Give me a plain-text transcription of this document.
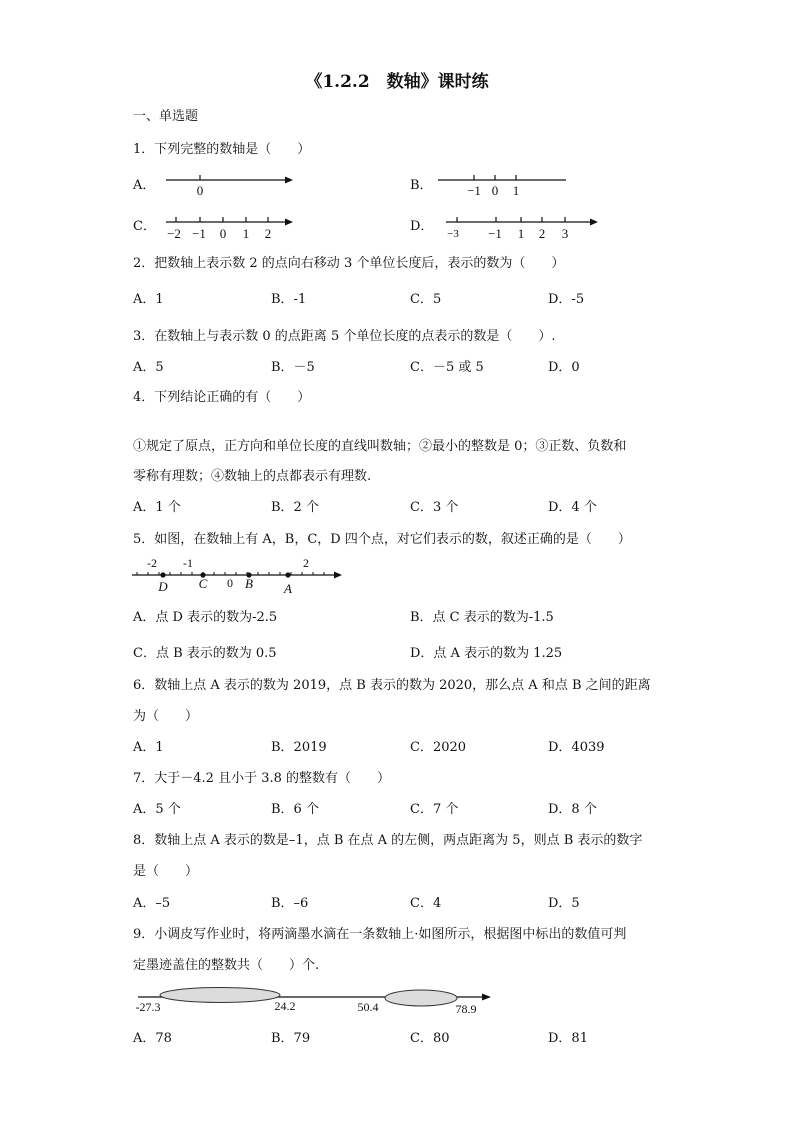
《1.2.2　数轴》课时练
一、单选题
1．下列完整的数轴是（　　）
A．	0	B．	−1 0 1
C． −2 −1 0 1 2	D． −3 −1 1 2 3
2．把数轴上表示数 2 的点向右移动 3 个单位长度后，表示的数为（　　）
A．1	B．-1	C．5	D．-5
3．在数轴上与表示数 0 的点距离 5 个单位长度的点表示的数是（　　）.
A．5	B．－5	C．－5 或 5	D．0
4．下列结论正确的有（　　）
①规定了原点，正方向和单位长度的直线叫数轴；②最小的整数是 0；③正数、负数和
零称有理数；④数轴上的点都表示有理数.
A．1 个	B．2 个	C．3 个	D．4 个
5．如图，在数轴上有 A，B，C，D 四个点，对它们表示的数，叙述正确的是（　　）
-2 -1
0
2
D C	B A
A．点 D 表示的数为-2.5	B．点 C 表示的数为-1.5
C．点 B 表示的数为 0.5	D．点 A 表示的数为 1.25
6．数轴上点 A 表示的数为 2019，点 B 表示的数为 2020，那么点 A 和点 B 之间的距离
为（　　）
A．1	B．2019	C．2020	D．4039
7．大于－4.2 且小于 3.8 的整数有（　　）
A．5 个	B．6 个	C．7 个	D．8 个
8．数轴上点 A 表示的数是–1，点 B 在点 A 的左侧，两点距离为 5，则点 B 表示的数字
是（　　）
A．–5	B．–6	C．4	D．5
9．小调皮写作业时，将两滴墨水滴在一条数轴上·如图所示，根据图中标出的数值可判
定墨迹盖住的整数共（　　）个.
-27.3	24.2	50.4	78.9
A．78	B．79	C．80	D．81
